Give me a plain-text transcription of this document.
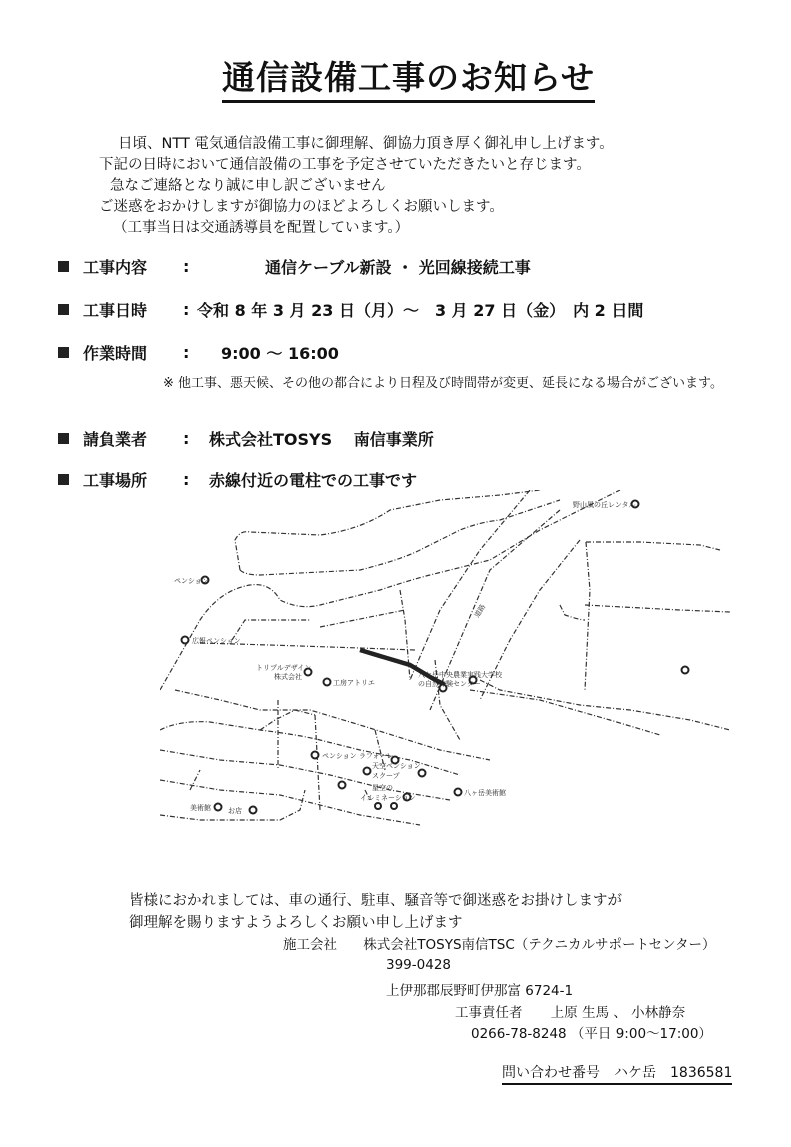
通信設備工事のお知らせ
日頃、NTT 電気通信設備工事に御理解、御協力頂き厚く御礼申し上げます。
下記の日時において通信設備の工事を予定させていただきたいと存じます。
急なご連絡となり誠に申し訳ございません
ご迷惑をおかけしますが御協力のほどよろしくお願いします。
（工事当日は交通誘導員を配置しています。）
工事内容	:	通信ケーブル新設 ・ 光回線接続工事
工事日時	: 令和 8 年 3 月 23 日（月）～　3 月 27 日（金）　内 2 日間
作業時間	:	9:00 ～ 16:00
※ 他工事、悪天候、その他の都合により日程及び時間帯が変更、延長になる場合がございます。
請負業者	:	株式会社TOSYS　 南信事業所
工事場所	:	赤線付近の電柱での工事です
ペンション
広報ペンション
トリプルデザイン
株式会社
工房アトリエ
八ケ岳中央農業実践大学校
の自然体験センター
野山風の丘レンタル
ペンション ラフォーレ
天空ペンション
スクープ
星空の
イルミネーション
八ヶ岳美術館
美術館 お店
道路
皆様におかれましては、車の通行、駐車、騒音等で御迷惑をお掛けしますが
御理解を賜りますようよろしくお願い申し上げます
施工会社 株式会社TOSYS南信TSC（テクニカルサポートセンター）
399-0428
上伊那郡辰野町伊那富 6724-1
工事責任者 上原 生馬 、 小林静奈
0266-78-8248 （平日 9:00～17:00）
問い合わせ番号　ハケ岳　1836581
